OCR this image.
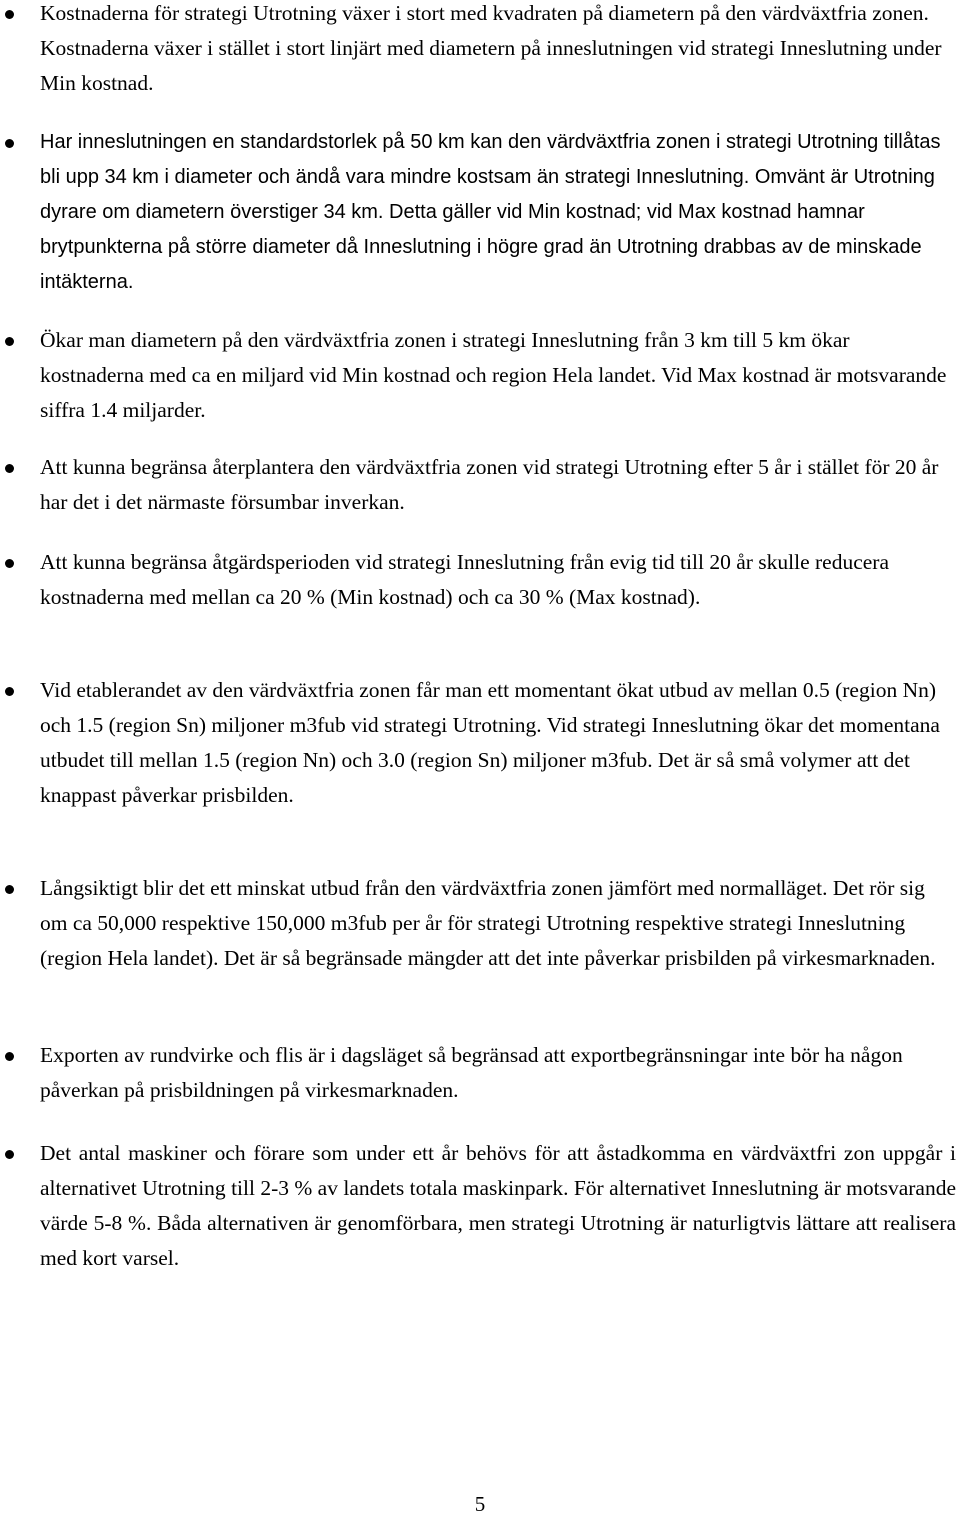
Kostnaderna för strategi Utrotning växer i stort med kvadraten på diametern på den värdväxtfria zonen. Kostnaderna växer i stället i stort linjärt med diametern på inneslutningen vid strategi Inneslutning under Min kostnad.

Har inneslutningen en standardstorlek på 50 km kan den värdväxtfria zonen i strategi Utrotning tillåtas bli upp 34 km i diameter och ändå vara mindre kostsam än strategi Inneslutning. Omvänt är Utrotning dyrare om diametern överstiger 34 km. Detta gäller vid Min kostnad; vid Max kostnad hamnar brytpunkterna på större diameter då Inneslutning i högre grad än Utrotning drabbas av de minskade intäkterna.

Ökar man diametern på den värdväxtfria zonen i strategi Inneslutning från 3 km till 5 km ökar kostnaderna med ca en miljard vid Min kostnad och region Hela landet. Vid Max kostnad är motsvarande siffra 1.4 miljarder.

Att kunna begränsa återplantera den värdväxtfria zonen vid strategi Utrotning efter 5 år i stället för 20 år har det i det närmaste försumbar inverkan.

Att kunna begränsa åtgärdsperioden vid strategi Inneslutning från evig tid till 20 år skulle reducera kostnaderna med mellan ca 20 % (Min kostnad) och ca 30 % (Max kostnad).

Vid etablerandet av den värdväxtfria zonen får man ett momentant ökat utbud av mellan 0.5 (region Nn) och 1.5 (region Sn) miljoner m3fub vid strategi Utrotning. Vid strategi Inneslutning ökar det momentana utbudet till mellan 1.5 (region Nn) och 3.0 (region Sn) miljoner m3fub. Det är så små volymer att det knappast påverkar prisbilden.

Långsiktigt blir det ett minskat utbud från den värdväxtfria zonen jämfört med normalläget. Det rör sig om ca 50,000 respektive 150,000 m3fub per år för strategi Utrotning respektive strategi Inneslutning (region Hela landet). Det är så begränsade mängder att det inte påverkar prisbilden på virkesmarknaden.

Exporten av rundvirke och flis är i dagsläget så begränsad att exportbegränsningar inte bör ha någon påverkan på prisbildningen på virkesmarknaden.

Det antal maskiner och förare som under ett år behövs för att åstadkomma en värdväxtfri zon uppgår i alternativet Utrotning till 2-3 % av landets totala maskinpark. För alternativet Inneslutning är motsvarande värde 5-8 %. Båda alternativen är genomförbara, men strategi Utrotning är naturligtvis lättare att realisera med kort varsel.

5
